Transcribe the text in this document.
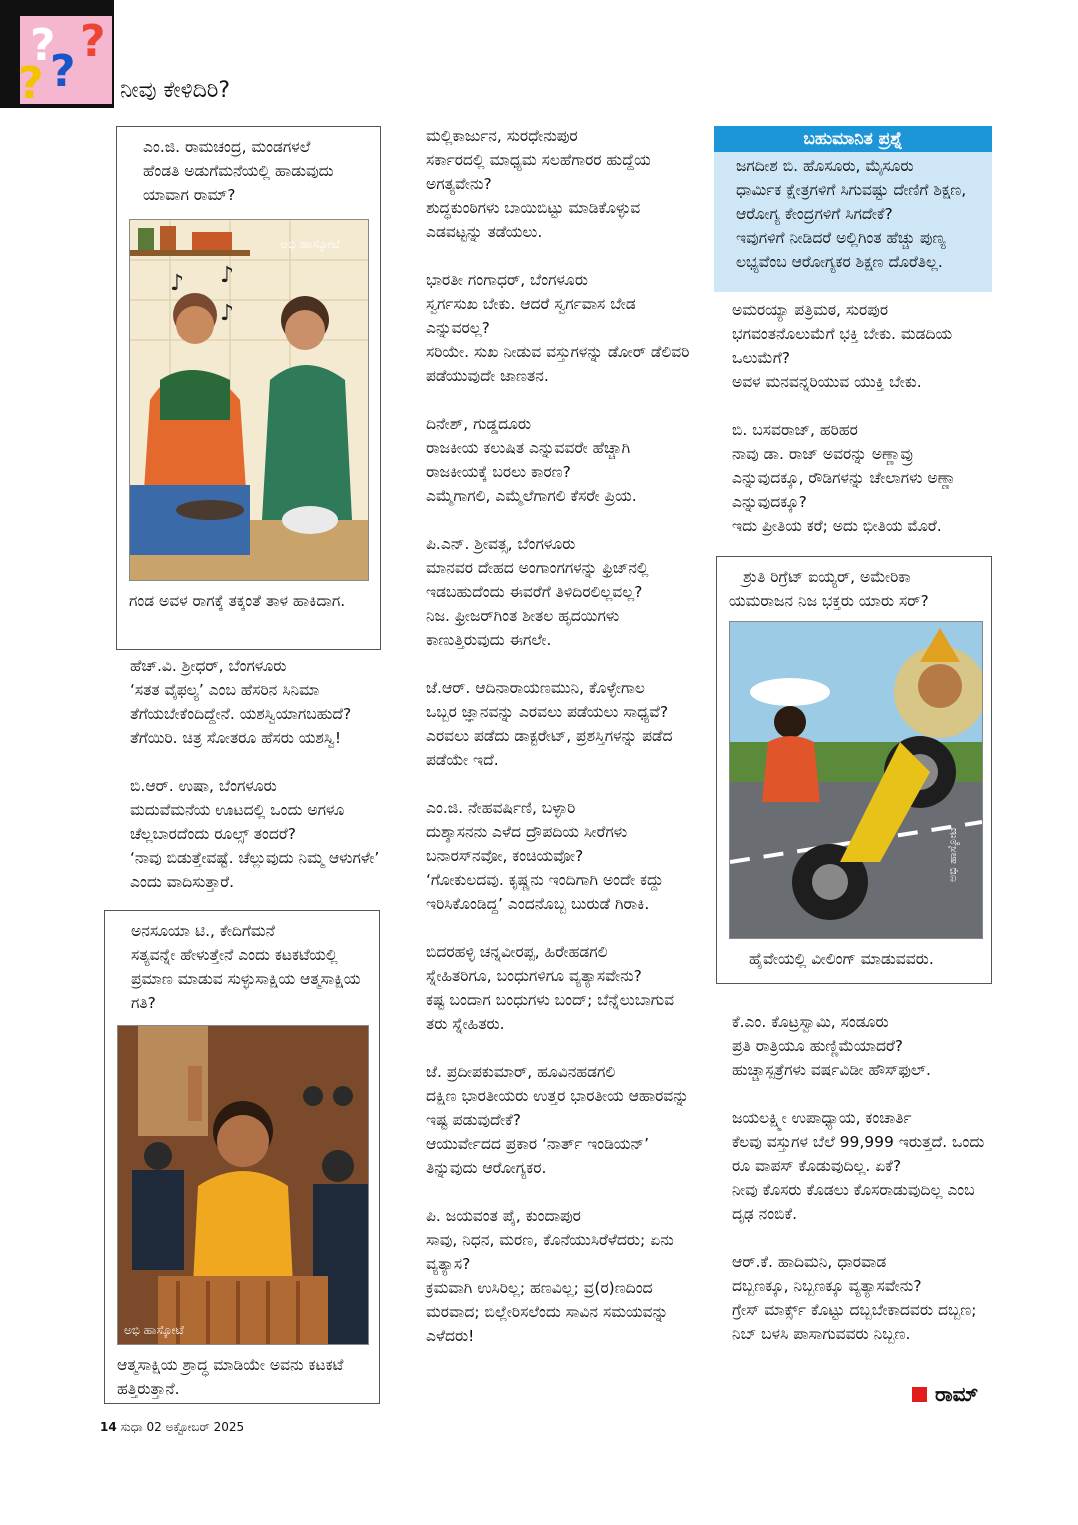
?
?
?
?	ನೀವು ಕೇಳಿದಿರಿ?
ಎಂ.ಜಿ. ರಾಮಚಂದ್ರ, ಮಂಡಗಳಲೆ
ಹೆಂಡತಿ ಅಡುಗೆಮನೆಯಲ್ಲಿ ಹಾಡುವುದು ಯಾವಾಗ ರಾಮ್?
♪ ♪
♪
ಅಭಿ ಹಾಸ್ಕೋಟೆ
ಗಂಡ ಅವಳ ರಾಗಕ್ಕೆ ತಕ್ಕಂತೆ ತಾಳ ಹಾಕಿದಾಗ.
ಹೆಚ್.ವಿ. ಶ್ರೀಧರ್, ಬೆಂಗಳೂರು
‘ಸತತ ವೈಫಲ್ಯ’ ಎಂಬ ಹೆಸರಿನ ಸಿನಿಮಾ ತೆಗೆಯಬೇಕೆಂದಿದ್ದೇನೆ. ಯಶಸ್ವಿಯಾಗಬಹುದೆ?
ತೆಗೆಯಿರಿ. ಚಿತ್ರ ಸೋತರೂ ಹೆಸರು ಯಶಸ್ವಿ!
ಬಿ.ಆರ್. ಉಷಾ, ಬೆಂಗಳೂರು
ಮದುವೆಮನೆಯ ಊಟದಲ್ಲಿ ಒಂದು ಅಗಳೂ ಚೆಲ್ಲಬಾರದೆಂದು ರೂಲ್ಸ್ ತಂದರೆ?
‘ನಾವು ಬಿಡುತ್ತೇವಷ್ಟೆ. ಚೆಲ್ಲುವುದು ನಿಮ್ಮ ಆಳುಗಳೇ’ ಎಂದು ವಾದಿಸುತ್ತಾರೆ.
ಅನಸೂಯಾ ಟಿ., ಕೇದಿಗೆಮನೆ
ಸತ್ಯವನ್ನೇ ಹೇಳುತ್ತೇನೆ ಎಂದು ಕಟಕಟೆಯಲ್ಲಿ ಪ್ರಮಾಣ ಮಾಡುವ ಸುಳ್ಳುಸಾಕ್ಷಿಯ ಆತ್ಮಸಾಕ್ಷಿಯ ಗತಿ?
ಅಭಿ ಹಾಸ್ಕೋಟೆ
ಆತ್ಮಸಾಕ್ಷಿಯ ಶ್ರಾದ್ಧ ಮಾಡಿಯೇ ಅವನು ಕಟಕಟೆ ಹತ್ತಿರುತ್ತಾನೆ.
ಮಲ್ಲಿಕಾರ್ಜುನ, ಸುರಧೇನುಪುರ
ಸರ್ಕಾರದಲ್ಲಿ ಮಾಧ್ಯಮ ಸಲಹೆಗಾರರ ಹುದ್ದೆಯ ಅಗತ್ಯವೇನು?
ಶುದ್ಧಕುಂಠಿಗಳು ಬಾಯಿಬಿಟ್ಟು ಮಾಡಿಕೊಳ್ಳುವ ಎಡವಟ್ಟನ್ನು ತಡೆಯಲು.
ಭಾರತೀ ಗಂಗಾಧರ್, ಬೆಂಗಳೂರು
ಸ್ವರ್ಗಸುಖ ಬೇಕು. ಆದರೆ ಸ್ವರ್ಗವಾಸ ಬೇಡ ಎನ್ನುವರಲ್ಲ?
ಸರಿಯೇ. ಸುಖ ನೀಡುವ ವಸ್ತುಗಳನ್ನು ಡೋರ್ ಡೆಲಿವರಿ ಪಡೆಯುವುದೇ ಜಾಣತನ.
ದಿನೇಶ್, ಗುಡ್ಡದೂರು
ರಾಜಕೀಯ ಕಲುಷಿತ ಎನ್ನುವವರೇ ಹೆಚ್ಚಾಗಿ ರಾಜಕೀಯಕ್ಕೆ ಬರಲು ಕಾರಣ?
ಎಮ್ಮೆಗಾಗಲಿ, ಎಮ್ಮೆಲೆಗಾಗಲಿ ಕೆಸರೇ ಪ್ರಿಯ.
ಪಿ.ಎನ್. ಶ್ರೀವತ್ಸ, ಬೆಂಗಳೂರು
ಮಾನವರ ದೇಹದ ಅಂಗಾಂಗಗಳನ್ನು ಫ್ರಿಜ್‌ನಲ್ಲಿ ಇಡಬಹುದೆಂದು ಈವರೆಗೆ ತಿಳಿದಿರಲಿಲ್ಲವಲ್ಲ?
ನಿಜ. ಫ್ರೀಜರ್‌ಗಿಂತ ಶೀತಲ ಹೃದಯಿಗಳು ಕಾಣುತ್ತಿರುವುದು ಈಗಲೇ.
ಜೆ.ಆರ್. ಆದಿನಾರಾಯಣಮುನಿ, ಕೊಳ್ಳೇಗಾಲ
ಒಬ್ಬರ ಜ್ಞಾನವನ್ನು ಎರವಲು ಪಡೆಯಲು ಸಾಧ್ಯವೆ?
ಎರವಲು ಪಡೆದು ಡಾಕ್ಟರೇಟ್, ಪ್ರಶಸ್ತಿಗಳನ್ನು ಪಡೆದ ಪಡೆಯೇ ಇದೆ.
ಎಂ.ಜಿ. ನೇಹವರ್ಷಿಣಿ, ಬಳ್ಳಾರಿ
ದುಶ್ಶಾಸನನು ಎಳೆದ ದ್ರೌಪದಿಯ ಸೀರೆಗಳು ಬನಾರಸ್‌ನವೋ, ಕಂಚಿಯವೋ?
‘ಗೋಕುಲದವು. ಕೃಷ್ಣನು ಇಂದಿಗಾಗಿ ಅಂದೇ ಕದ್ದು ಇರಿಸಿಕೊಂಡಿದ್ದ’ ಎಂದನೊಬ್ಬ ಬುರುಡೆ ಗಿರಾಕಿ.
ಬಿದರಹಳ್ಳಿ ಚನ್ನವೀರಪ್ಪ, ಹಿರೇಹಡಗಲಿ
ಸ್ನೇಹಿತರಿಗೂ, ಬಂಧುಗಳಿಗೂ ವ್ಯತ್ಯಾಸವೇನು?
ಕಷ್ಟ ಬಂದಾಗ ಬಂಧುಗಳು ಬಂದ್; ಬೆನ್ನೆಲುಬಾಗುವ ತರು ಸ್ನೇಹಿತರು.
ಜೆ. ಪ್ರದೀಪಕುಮಾರ್, ಹೂವಿನಹಡಗಲಿ
ದಕ್ಷಿಣ ಭಾರತೀಯರು ಉತ್ತರ ಭಾರತೀಯ ಆಹಾರವನ್ನು ಇಷ್ಟ ಪಡುವುದೇಕೆ?
ಆಯುರ್ವೇದದ ಪ್ರಕಾರ ‘ನಾರ್ತ್ ಇಂಡಿಯನ್’ ತಿನ್ನುವುದು ಆರೋಗ್ಯಕರ.
ಪಿ. ಜಯವಂತ ಪೈ, ಕುಂದಾಪುರ
ಸಾವು, ನಿಧನ, ಮರಣ, ಕೊನೆಯುಸಿರೆಳೆದರು; ಏನು ವ್ಯತ್ಯಾಸ?
ಕ್ರಮವಾಗಿ ಉಸಿರಿಲ್ಲ; ಹಣವಿಲ್ಲ; ವ್ರ(ರ)ಣದಿಂದ ಮರವಾದ; ಬಿಲ್ಲೇರಿಸಲೆಂದು ಸಾವಿನ ಸಮಯವನ್ನು ಎಳೆದರು!
ಬಹುಮಾನಿತ ಪ್ರಶ್ನೆ
ಜಗದೀಶ ಬಿ. ಹೊಸೂರು, ಮೈಸೂರು
ಧಾರ್ಮಿಕ ಕ್ಷೇತ್ರಗಳಿಗೆ ಸಿಗುವಷ್ಟು ದೇಣಿಗೆ ಶಿಕ್ಷಣ, ಆರೋಗ್ಯ ಕೇಂದ್ರಗಳಿಗೆ ಸಿಗದೇಕೆ?
ಇವುಗಳಿಗೆ ನೀಡಿದರೆ ಅಲ್ಲಿಗಿಂತ ಹೆಚ್ಚು ಪುಣ್ಯ ಲಭ್ಯವೆಂಬ ಆರೋಗ್ಯಕರ ಶಿಕ್ಷಣ ದೊರೆತಿಲ್ಲ.
ಅಮರಯ್ಯಾ ಪತ್ರಿಮಠ, ಸುರಪುರ
ಭಗವಂತನೊಲುಮೆಗೆ ಭಕ್ತಿ ಬೇಕು. ಮಡದಿಯ ಒಲುಮೆಗೆ?
ಅವಳ ಮನವನ್ನರಿಯುವ ಯುಕ್ತಿ ಬೇಕು.
ಬಿ. ಬಸವರಾಜ್, ಹರಿಹರ
ನಾವು ಡಾ. ರಾಜ್ ಅವರನ್ನು ಅಣ್ಣಾವ್ರು ಎನ್ನುವುದಕ್ಕೂ, ರೌಡಿಗಳನ್ನು ಚೇಲಾಗಳು ಅಣ್ಣಾ ಎನ್ನುವುದಕ್ಕೂ?
ಇದು ಪ್ರೀತಿಯ ಕರೆ; ಅದು ಭೀತಿಯ ಮೊರೆ.
ಶ್ರುತಿ ರಿಗ್ರೆಟ್ ಐಯ್ಯರ್, ಅಮೇರಿಕಾ
ಯಮರಾಜನ ನಿಜ ಭಕ್ತರು ಯಾರು ಸರ್?
ಅಭಿ ಹಾಸ್ಕೋಟೆ
ಹೈವೇಯಲ್ಲಿ ವೀಲಿಂಗ್ ಮಾಡುವವರು.
ಕೆ.ಎಂ. ಕೊಟ್ರಸ್ವಾಮಿ, ಸಂಡೂರು
ಪ್ರತಿ ರಾತ್ರಿಯೂ ಹುಣ್ಣಿಮೆಯಾದರೆ?
ಹುಚ್ಚಾಸ್ಪತ್ರೆಗಳು ವರ್ಷವಿಡೀ ಹೌಸ್‌ಫುಲ್.
ಜಯಲಕ್ಷ್ಮೀ ಉಪಾಧ್ಯಾಯ, ಕಂಚಾರ್ತಿ
ಕೆಲವು ವಸ್ತುಗಳ ಬೆಲೆ 99,999 ಇರುತ್ತದೆ. ಒಂದು ರೂ ವಾಪಸ್ ಕೊಡುವುದಿಲ್ಲ. ಏಕೆ?
ನೀವು ಕೊಸರು ಕೊಡಲು ಕೊಸರಾಡುವುದಿಲ್ಲ ಎಂಬ ದೃಢ ನಂಬಿಕೆ.
ಆರ್.ಕೆ. ಹಾದಿಮನಿ, ಧಾರವಾಡ
ದಬ್ಬಣಕ್ಕೂ, ನಿಬ್ಬಣಕ್ಕೂ ವ್ಯತ್ಯಾಸವೇನು?
ಗ್ರೇಸ್ ಮಾರ್ಕ್ಸ್ ಕೊಟ್ಟು ದಬ್ಬಬೇಕಾದವರು ದಬ್ಬಣ; ನಿಬ್ ಬಳಸಿ ಪಾಸಾಗುವವರು ನಿಬ್ಬಣ.
ರಾಮ್
14 ಸುಧಾ 02 ಅಕ್ಟೋಬರ್ 2025
